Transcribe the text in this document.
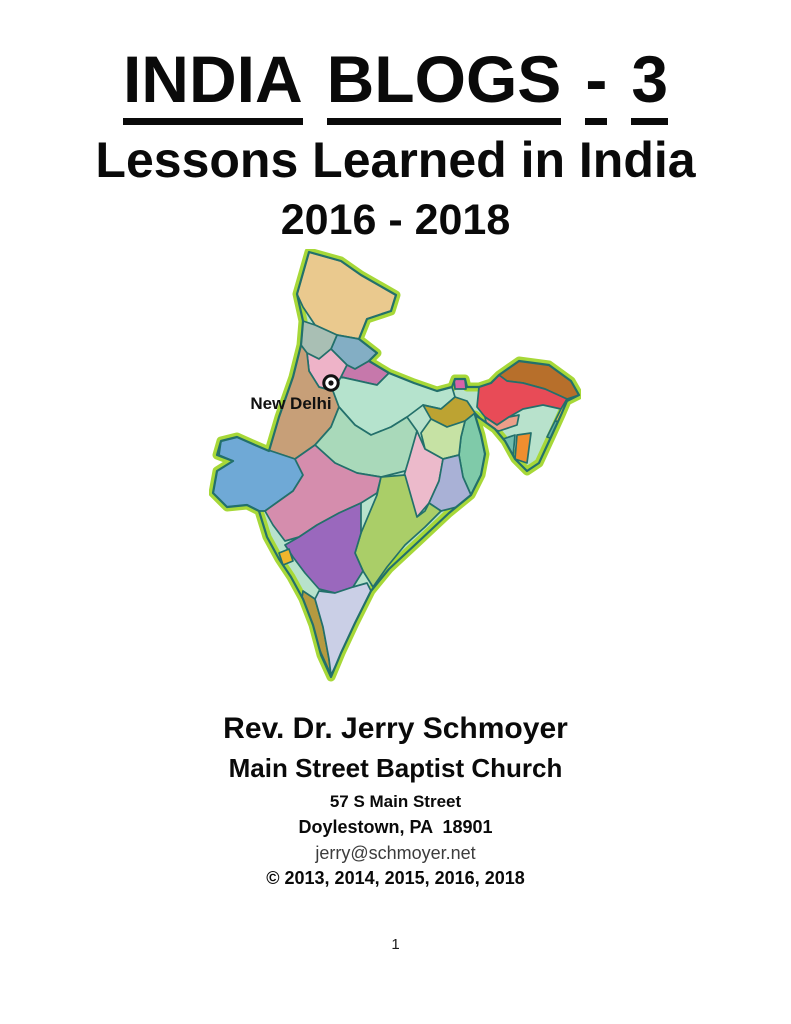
INDIA BLOGS - 3
Lessons Learned in India
2016 - 2018
New Delhi
Rev. Dr. Jerry Schmoyer
Main Street Baptist Church
57 S Main Street
Doylestown, PA  18901
jerry@schmoyer.net
© 2013, 2014, 2015, 2016, 2018
1
